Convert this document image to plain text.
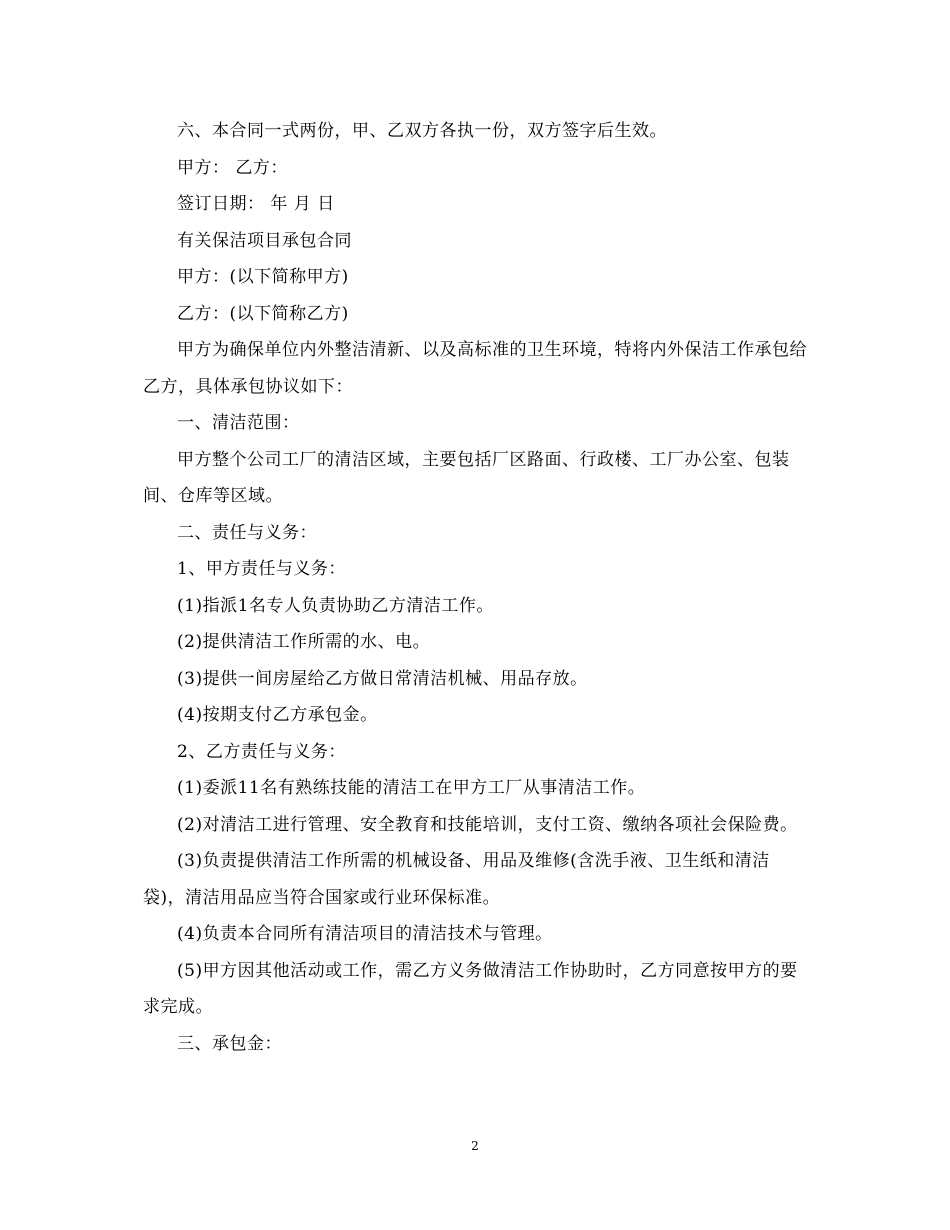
六、本合同一式两份，甲、乙双方各执一份，双方签字后生效。

甲方： 乙方：

签订日期： 年 月 日

有关保洁项目承包合同

甲方：(以下简称甲方)

乙方：(以下简称乙方)

甲方为确保单位内外整洁清新、以及高标准的卫生环境，特将内外保洁工作承包给乙方，具体承包协议如下：

一、清洁范围：

甲方整个公司工厂的清洁区域，主要包括厂区路面、行政楼、工厂办公室、包装间、仓库等区域。

二、责任与义务：

1、甲方责任与义务：

(1)指派1名专人负责协助乙方清洁工作。

(2)提供清洁工作所需的水、电。

(3)提供一间房屋给乙方做日常清洁机械、用品存放。

(4)按期支付乙方承包金。

2、乙方责任与义务：

(1)委派11名有熟练技能的清洁工在甲方工厂从事清洁工作。

(2)对清洁工进行管理、安全教育和技能培训，支付工资、缴纳各项社会保险费。

(3)负责提供清洁工作所需的机械设备、用品及维修(含洗手液、卫生纸和清洁袋)，清洁用品应当符合国家或行业环保标准。

(4)负责本合同所有清洁项目的清洁技术与管理。

(5)甲方因其他活动或工作，需乙方义务做清洁工作协助时，乙方同意按甲方的要求完成。

三、承包金：

2
